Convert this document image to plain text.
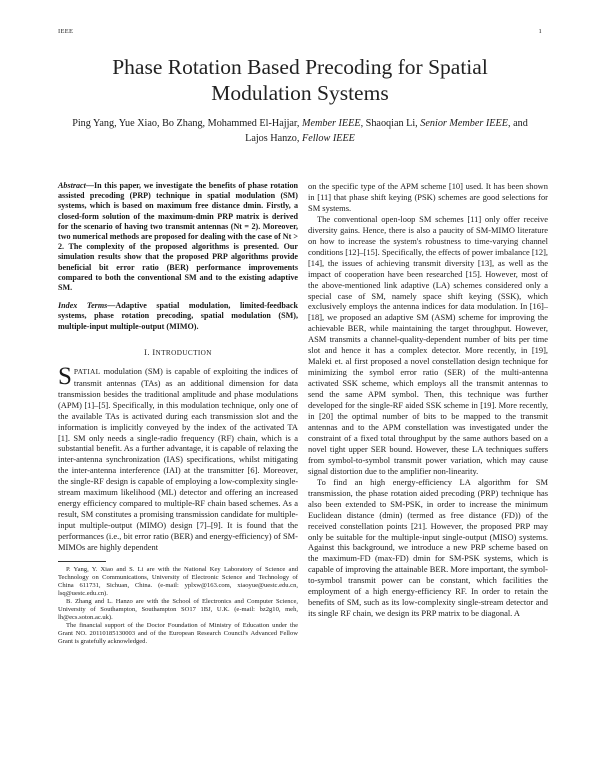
IEEE	1
Phase Rotation Based Precoding for Spatial Modulation Systems
Ping Yang, Yue Xiao, Bo Zhang, Mohammed El-Hajjar, Member IEEE, Shaoqian Li, Senior Member IEEE, and Lajos Hanzo, Fellow IEEE
Abstract—In this paper, we investigate the benefits of phase rotation assisted precoding (PRP) technique in spatial modulation (SM) systems, which is based on maximum free distance dmin. Firstly, a closed-form solution of the maximum-dmin PRP matrix is derived for the scenario of having two transmit antennas (Nt = 2). Moreover, two numerical methods are proposed for dealing with the case of Nt > 2. The complexity of the proposed algorithms is presented. Our simulation results show that the proposed PRP algorithms provide beneficial bit error ratio (BER) performance improvements compared to both the conventional SM and to the existing adaptive SM.
Index Terms—Adaptive spatial modulation, limited-feedback systems, phase rotation precoding, spatial modulation (SM), multiple-input multiple-output (MIMO).
I. INTRODUCTION

SPATIAL modulation (SM) is capable of exploiting the indices of transmit antennas (TAs) as an additional dimension for data transmission besides the traditional amplitude and phase modulations (APM) [1]–[5]. Specifically, in this modulation technique, only one of the available TAs is activated during each transmission slot and the information is implicitly conveyed by the index of the activated TA [1]. SM only needs a single-radio frequency (RF) chain, which is a substantial benefit. As a further advantage, it is capable of relaxing the inter-antenna synchronization (IAS) specifications, whilst mitigating the inter-antenna interference (IAI) at the transmitter [6]. Moreover, the single-RF design is capable of employing a low-complexity single-stream maximum likelihood (ML) detector and offering an increased energy efficiency compared to multiple-RF chain based schemes. As a result, SM constitutes a promising transmission candidate for multiple-input multiple-output (MIMO) design [7]–[9]. It is found that the performances (i.e., bit error ratio (BER) and energy-efficiency) of SM-MIMOs are highly dependent

P. Yang, Y. Xiao and S. Li are with the National Key Laboratory of Science and Technology on Communications, University of Electronic Science and Technology of China 611731, Sichuan, China. (e-mail: yplxw@163.com, xiaoyue@uestc.edu.cn, lsq@uestc.edu.cn).

B. Zhang and L. Hanzo are with the School of Electronics and Computer Science, University of Southampton, Southampton SO17 1BJ, U.K. (e-mail: bz2g10, meh, lh@ecs.soton.ac.uk).

The financial support of the Doctor Foundation of Ministry of Education under the Grant NO. 20110185130003 and of the European Research Council's Advanced Fellow Grant is gratefully acknowledged.

on the specific type of the APM scheme [10] used. It has been shown in [11] that phase shift keying (PSK) schemes are good selections for SM systems.

The conventional open-loop SM schemes [11] only offer receive diversity gains. Hence, there is also a paucity of SM-MIMO literature on how to increase the system's robustness to time-varying channel conditions [12]–[15]. Specifically, the effects of power imbalance [12], [14], the issues of achieving transmit diversity [13], as well as the impact of cooperation have been researched [15]. However, most of the above-mentioned link adaptive (LA) schemes considered only a special case of SM, namely space shift keying (SSK), which exclusively employs the antenna indices for data modulation. In [16]–[18], we proposed an adaptive SM (ASM) scheme for improving the achievable BER, while maintaining the target throughput. However, ASM transmits a channel-quality-dependent number of bits per time slot and hence it has a complex detector. More recently, in [19], Maleki et. al first proposed a novel constellation design technique for minimizing the symbol error ratio (SER) of the multi-antenna activated SSK scheme, which employs all the transmit antennas to send the same APM symbol. Then, this technique was further developed for the single-RF aided SSK scheme in [19]. More recently, in [20] the optimal number of bits to be mapped to the transmit antennas and to the APM constellation was investigated under the constraint of a fixed total throughput by the same authors based on a novel tight upper SER bound. However, these LA techniques suffers from symbol-to-symbol transmit power variation, which may cause signal distortion due to the amplifier non-linearity.

To find an high energy-efficiency LA algorithm for SM transmission, the phase rotation aided precoding (PRP) technique has also been extended to SM-PSK, in order to increase the minimum Euclidean distance (dmin) (termed as free distance (FD)) of the received constellation points [21]. However, the proposed PRP may only be suitable for the multiple-input single-output (MISO) systems. Against this background, we introduce a new PRP scheme based on the maximum-FD (max-FD) dmin for SM-PSK systems, which is capable of improving the attainable BER. More important, the symbol-to-symbol transmit power can be constant, which facilities the employment of a high energy-efficiency RF. In order to retain the benefits of SM, such as its low-complexity single-stream detector and its single RF chain, we design its PRP matrix to be diagonal. A
